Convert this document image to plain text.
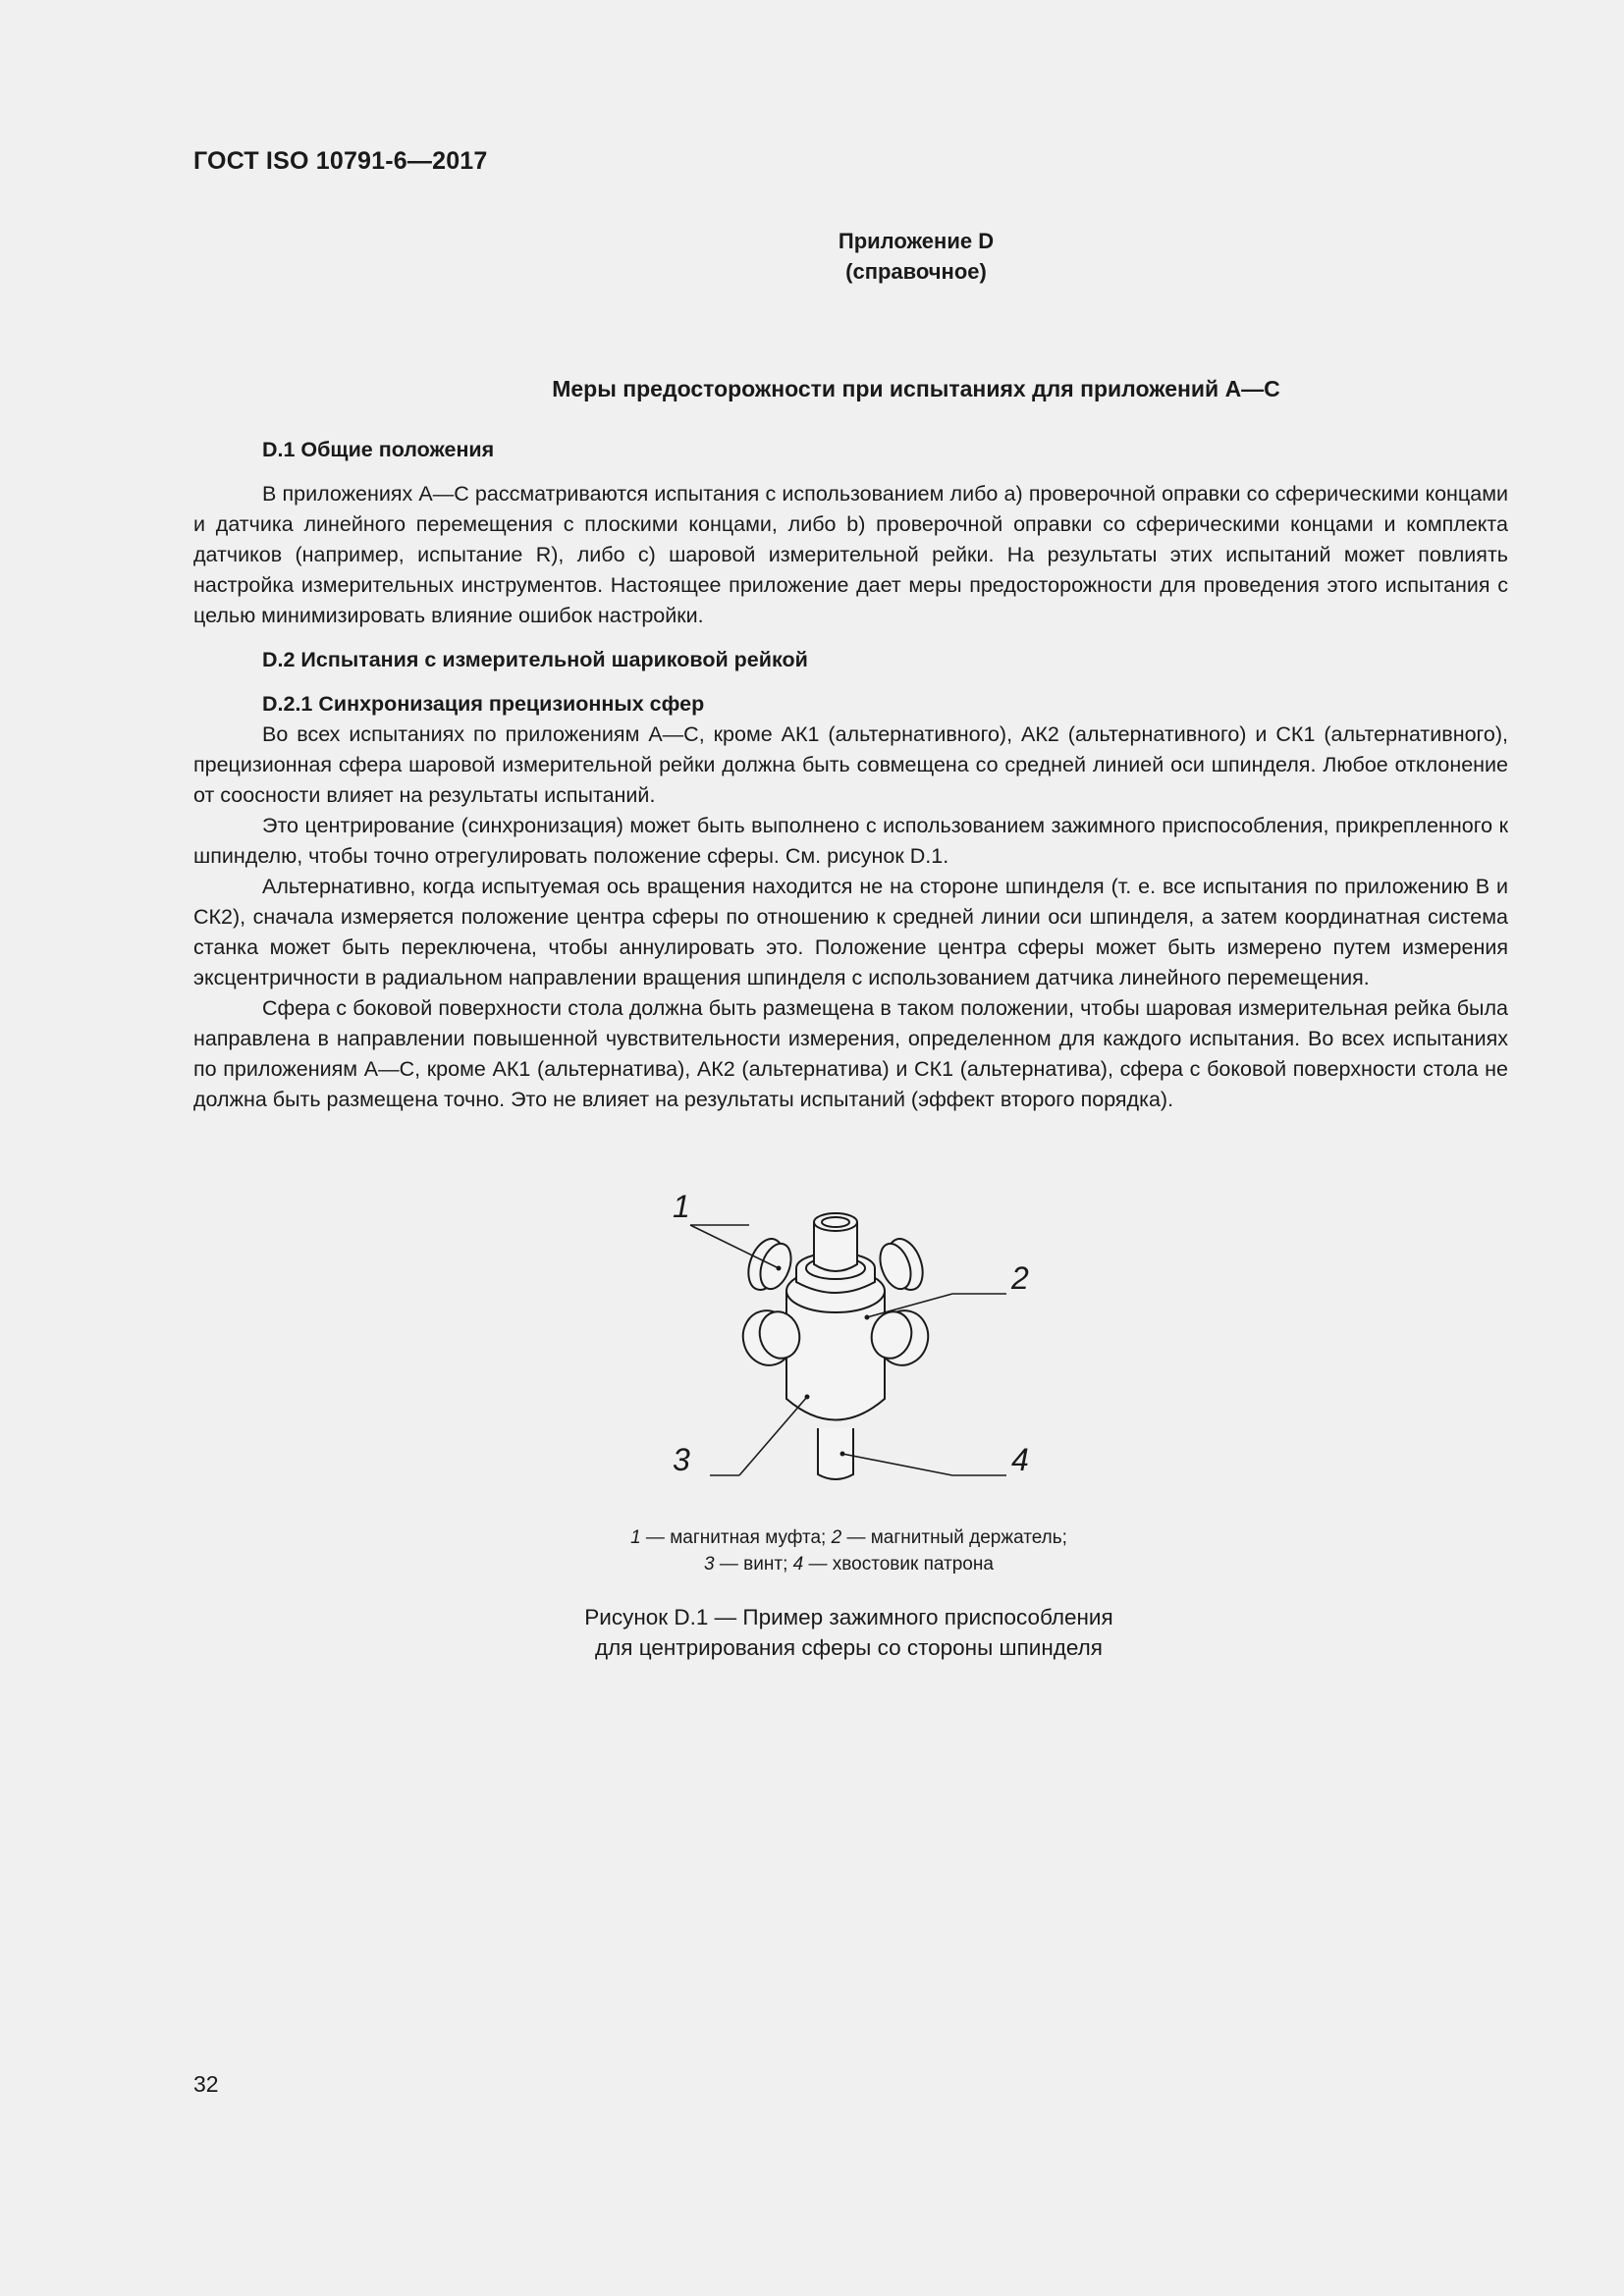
ГОСТ ISO 10791-6—2017
Приложение D
(справочное)
Меры предосторожности при испытаниях для приложений А—С

D.1 Общие положения

В приложениях А—С рассматриваются испытания с использованием либо а) проверочной оправки со сферическими концами и датчика линейного перемещения с плоскими концами, либо b) проверочной оправки со сферическими концами и комплекта датчиков (например, испытание R), либо с) шаровой измерительной рейки. На результаты этих испытаний может повлиять настройка измерительных инструментов. Настоящее приложение дает меры предосторожности для проведения этого испытания с целью минимизировать влияние ошибок настройки.

D.2 Испытания с измерительной шариковой рейкой

D.2.1 Синхронизация прецизионных сфер

Во всех испытаниях по приложениям А—С, кроме АК1 (альтернативного), АК2 (альтернативного) и СК1 (альтернативного), прецизионная сфера шаровой измерительной рейки должна быть совмещена со средней линией оси шпинделя. Любое отклонение от соосности влияет на результаты испытаний.

Это центрирование (синхронизация) может быть выполнено с использованием зажимного приспособления, прикрепленного к шпинделю, чтобы точно отрегулировать положение сферы. См. рисунок D.1.

Альтернативно, когда испытуемая ось вращения находится не на стороне шпинделя (т. е. все испытания по приложению В и СК2), сначала измеряется положение центра сферы по отношению к средней линии оси шпинделя, а затем координатная система станка может быть переключена, чтобы аннулировать это. Положение центра сферы может быть измерено путем измерения эксцентричности в радиальном направлении вращения шпинделя с использованием датчика линейного перемещения.

Сфера с боковой поверхности стола должна быть размещена в таком положении, чтобы шаровая измерительная рейка была направлена в направлении повышенной чувствительности измерения, определенном для каждого испытания. Во всех испытаниях по приложениям А—С, кроме АК1 (альтернатива), АК2 (альтернатива) и СК1 (альтернатива), сфера с боковой поверхности стола не должна быть размещена точно. Это не влияет на результаты испытаний (эффект второго порядка).

1
2
3	4
1 — магнитная муфта; 2 — магнитный держатель;
3 — винт; 4 — хвостовик патрона
Рисунок D.1 — Пример зажимного приспособления
для центрирования сферы со стороны шпинделя
32
